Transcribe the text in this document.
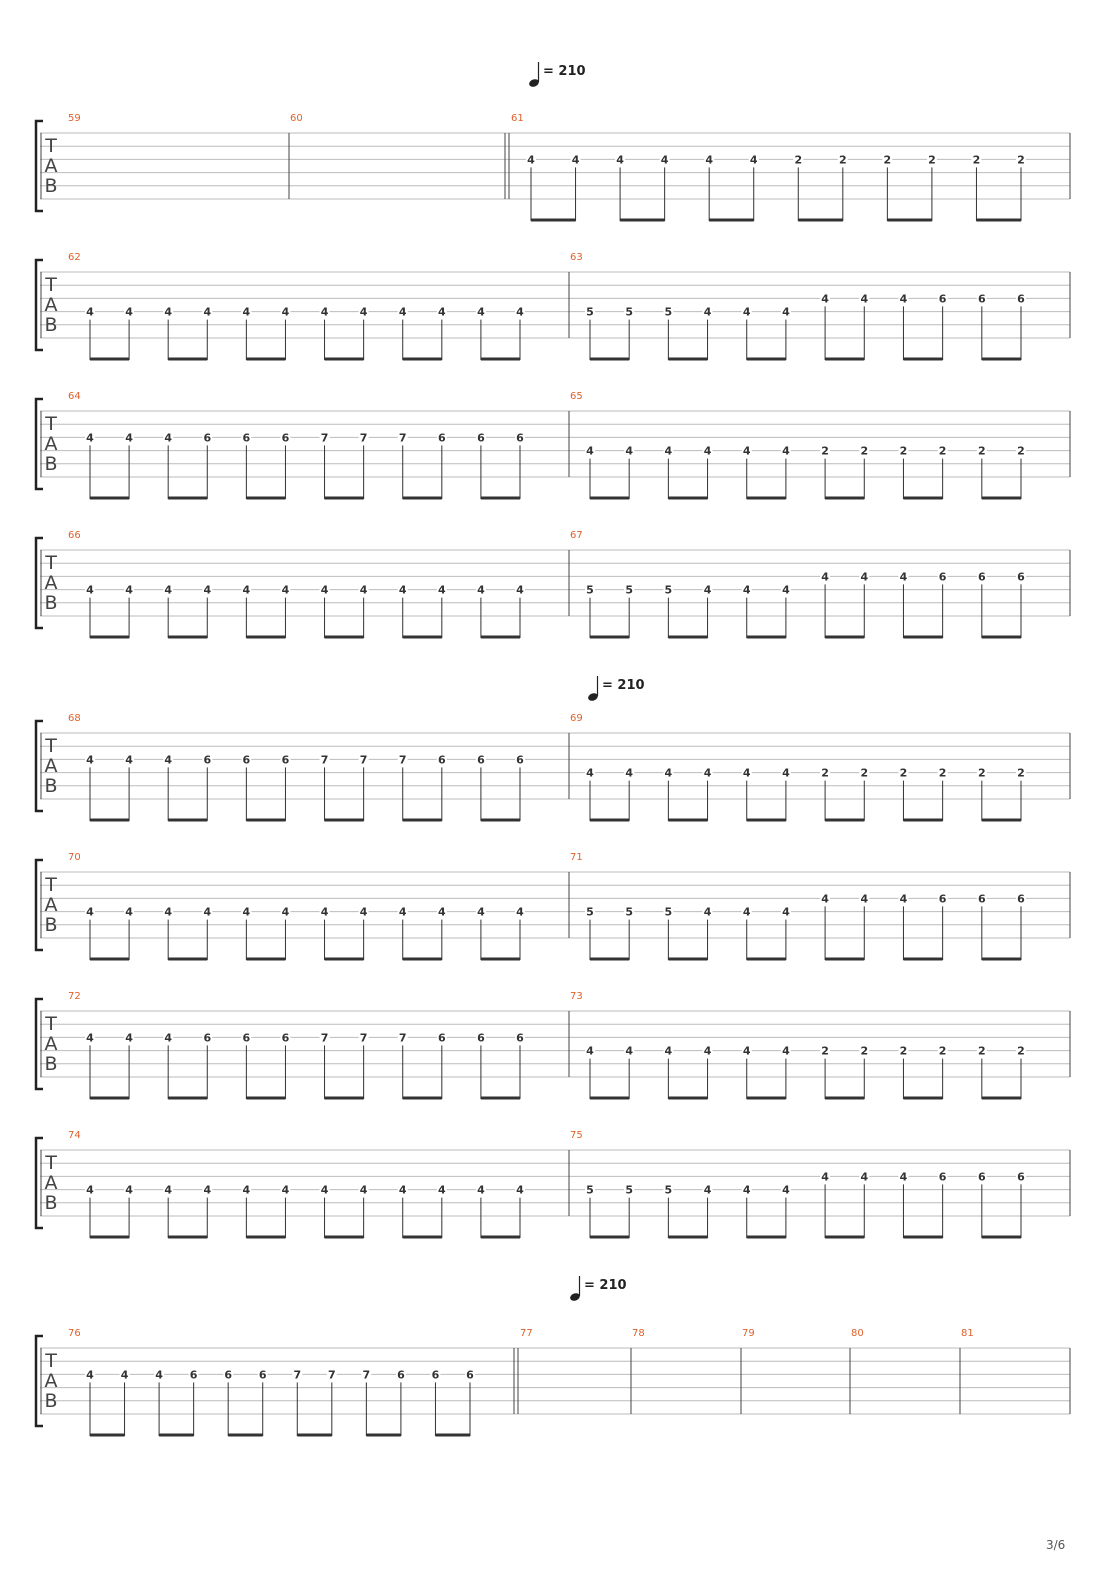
= 210
= 210
= 210
T
A
B
59	60	61
4	4	4	4	4	4	2	2	2	2	2	2
T
A
B
62
4	4	4	4	4	4	4	4	4	4	4	4
63
5	5	5	4	4	4
4	4	4	6	6	6
T
A
B
64
4	4	4	6	6	6	7	7	7	6	6	6
65
4	4	4	4	4	4	2	2	2	2	2	2
T
A
B
66
4	4	4	4	4	4	4	4	4	4	4	4
67
5	5	5	4	4	4
4	4	4	6	6	6
T
A
B
68
4	4	4	6	6	6	7	7	7	6	6	6
69
4	4	4	4	4	4	2	2	2	2	2	2
T
A
B
70
4	4	4	4	4	4	4	4	4	4	4	4
71
5	5	5	4	4	4
4	4	4	6	6	6
T
A
B
72
4	4	4	6	6	6	7	7	7	6	6	6
73
4	4	4	4	4	4	2	2	2	2	2	2
T
A
B
74
4	4	4	4	4	4	4	4	4	4	4	4
75
5	5	5	4	4	4
4	4	4	6	6	6
T
A
B
76
4 4 4 6 6 6 7 7 7 6 6 6
77	78	79	80	81
3/6
